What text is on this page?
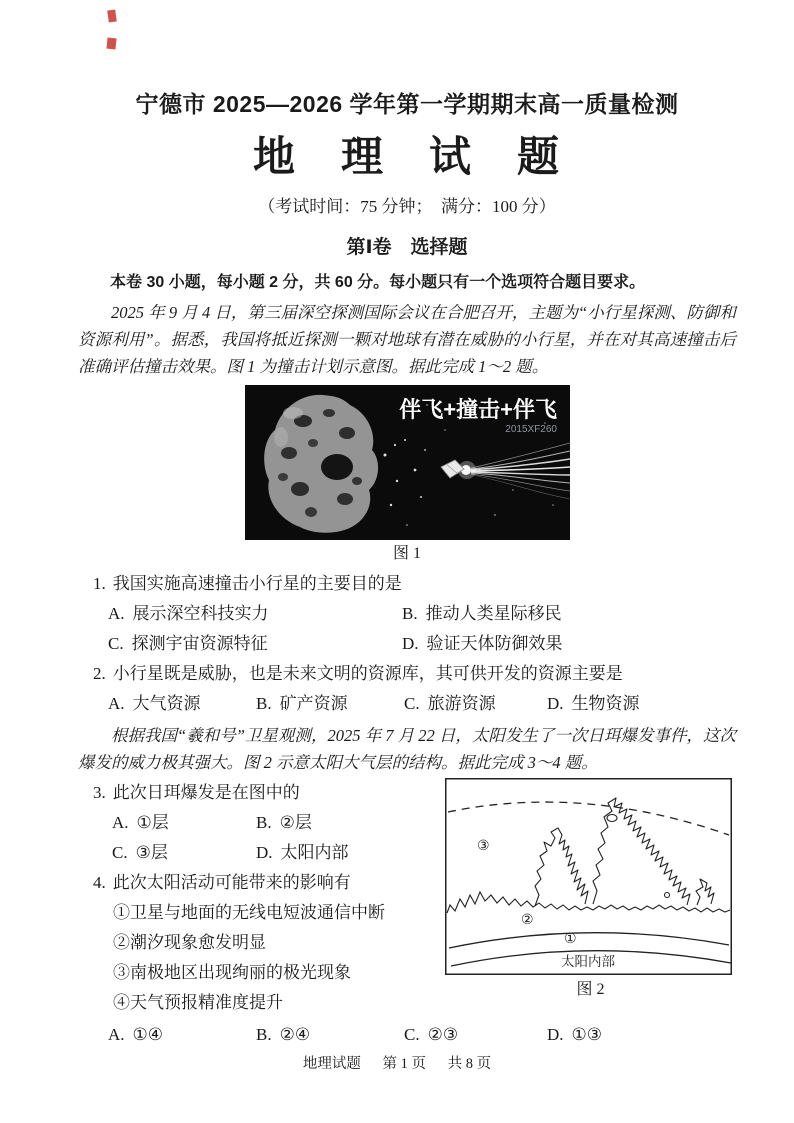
宁德市 2025—2026 学年第一学期期末高一质量检测
地　理　试　题
（考试时间：75 分钟；　满分：100 分）
第Ⅰ卷　选择题

本卷 30 小题，每小题 2 分，共 60 分。每小题只有一个选项符合题目要求。

2025 年 9 月 4 日，第三届深空探测国际会议在合肥召开，主题为“小行星探测、防御和资源利用”。据悉，我国将抵近探测一颗对地球有潜在威胁的小行星，并在对其高速撞击后准确评估撞击效果。图 1 为撞击计划示意图。据此完成 1～2 题。

伴飞+撞击+伴飞
2015XF260
图 1
1. 我国实施高速撞击小行星的主要目的是
A. 展示深空科技实力	B. 推动人类星际移民
C. 探测宇宙资源特征	D. 验证天体防御效果
2. 小行星既是威胁，也是未来文明的资源库，其可供开发的资源主要是
A. 大气资源	B. 矿产资源	C. 旅游资源	D. 生物资源

根据我国“羲和号”卫星观测，2025 年 7 月 22 日，太阳发生了一次日珥爆发事件，这次爆发的威力极其强大。图 2 示意太阳大气层的结构。据此完成 3～4 题。

3. 此次日珥爆发是在图中的
A. ①层	B. ②层
C. ③层	D. 太阳内部
4. 此次太阳活动可能带来的影响有
①卫星与地面的无线电短波通信中断
②潮汐现象愈发明显
③南极地区出现绚丽的极光现象
④天气预报精准度提升
③
②
①
太阳内部
图 2
A. ①④	B. ②④	C. ②③	D. ①③
地理试题 第 1 页 共 8 页
